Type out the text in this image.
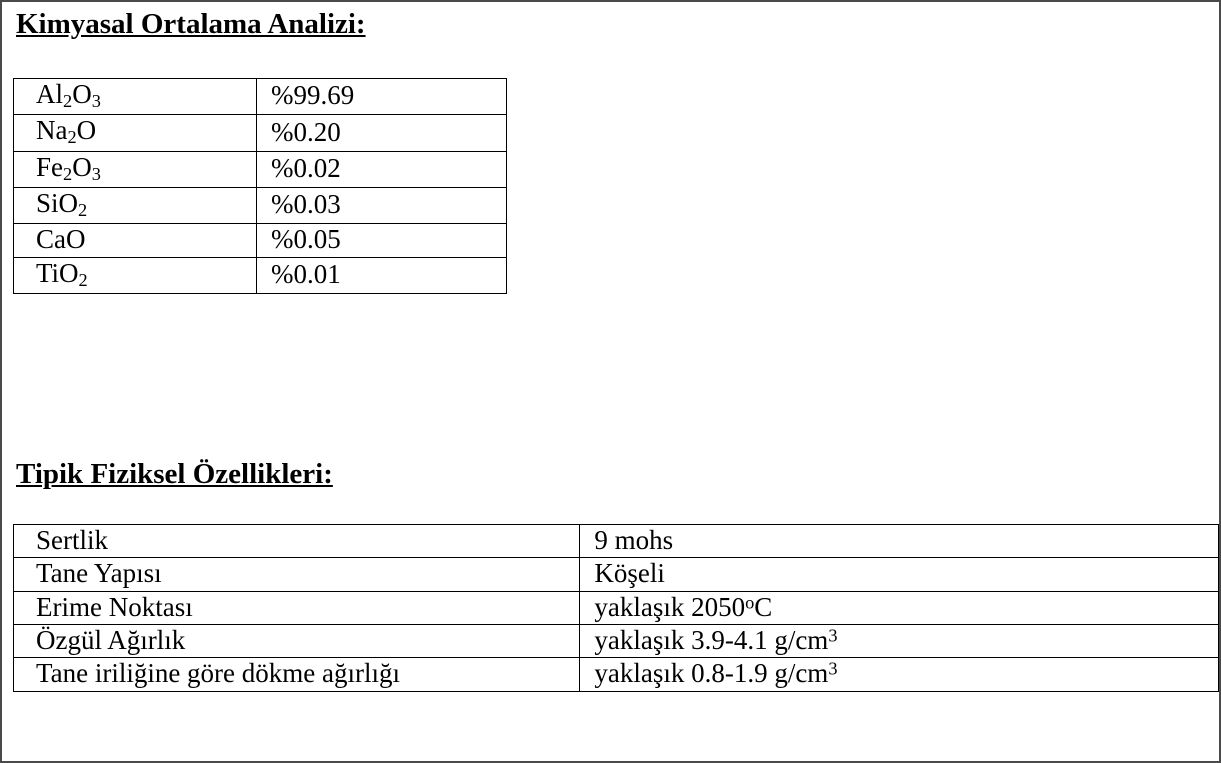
Kimyasal Ortalama Analizi:
$Al_2O_3$	%99.69
$Na_2O$	%0.20
$Fe_2O_3$	%0.02
SiO$_2$	%0.03
CaO	%0.05
TiO$_2$	%0.01
Tipik Fiziksel Özellikleri:
Sertlik	9 mohs
Tane Yapısı	Köşeli
Erime Noktası	yaklaşık 2050$^o$C
Özgül Ağırlık	yaklaşık 3.9-4.1 $g/cm^3$
Tane iriliğine göre dökme ağırlığı	yaklaşık 0.8-1.9 $g/cm^3$
